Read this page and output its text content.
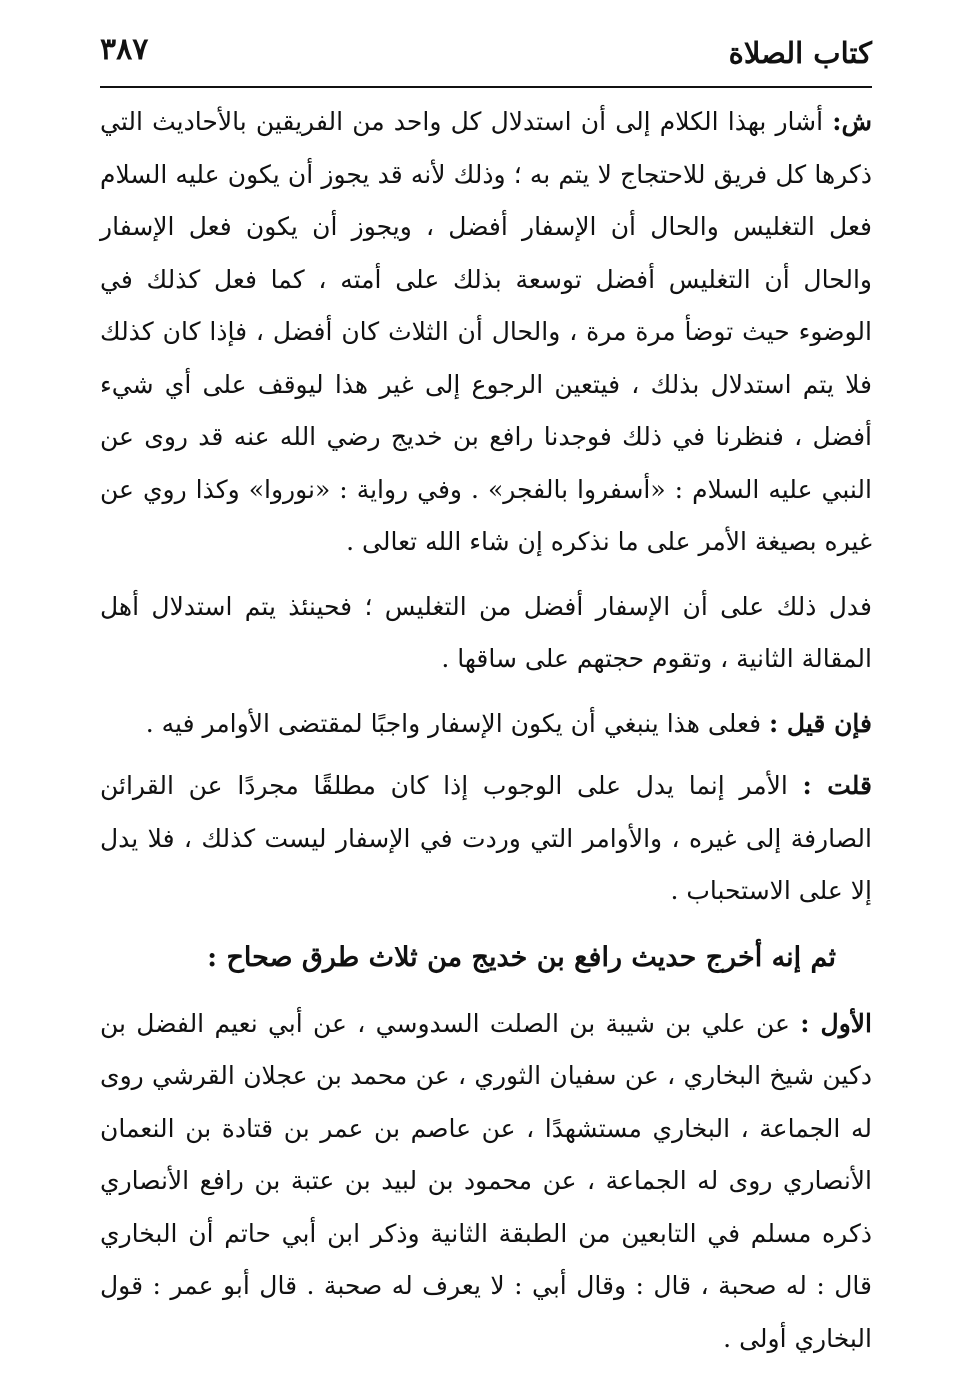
كتاب الصلاة
٣٨٧

ش: أشار بهذا الكلام إلى أن استدلال كل واحد من الفريقين بالأحاديث التي ذكرها كل فريق للاحتجاج لا يتم به ؛ وذلك لأنه قد يجوز أن يكون عليه السلام فعل التغليس والحال أن الإسفار أفضل ، ويجوز أن يكون فعل الإسفار والحال أن التغليس أفضل توسعة بذلك على أمته ، كما فعل كذلك في الوضوء حيث توضأ مرة مرة ، والحال أن الثلاث كان أفضل ، فإذا كان كذلك فلا يتم استدلال بذلك ، فيتعين الرجوع إلى غير هذا ليوقف على أي شيء أفضل ، فنظرنا في ذلك فوجدنا رافع بن خديج رضي الله عنه قد روى عن النبي عليه السلام : «أسفروا بالفجر» . وفي رواية : «نوروا» وكذا روي عن غيره بصيغة الأمر على ما نذكره إن شاء الله تعالى .

فدل ذلك على أن الإسفار أفضل من التغليس ؛ فحينئذ يتم استدلال أهل المقالة الثانية ، وتقوم حجتهم على ساقها .

فإن قيل : فعلى هذا ينبغي أن يكون الإسفار واجبًا لمقتضى الأوامر فيه .

قلت : الأمر إنما يدل على الوجوب إذا كان مطلقًا مجردًا عن القرائن الصارفة إلى غيره ، والأوامر التي وردت في الإسفار ليست كذلك ، فلا يدل إلا على الاستحباب .

ثم إنه أخرج حديث رافع بن خديج من ثلاث طرق صحاح :

الأول : عن علي بن شيبة بن الصلت السدوسي ، عن أبي نعيم الفضل بن دكين شيخ البخاري ، عن سفيان الثوري ، عن محمد بن عجلان القرشي روى له الجماعة ، البخاري مستشهدًا ، عن عاصم بن عمر بن قتادة بن النعمان الأنصاري روى له الجماعة ، عن محمود بن لبيد بن عتبة بن رافع الأنصاري ذكره مسلم في التابعين من الطبقة الثانية وذكر ابن أبي حاتم أن البخاري قال : له صحبة ، قال : وقال أبي : لا يعرف له صحبة . قال أبو عمر : قول البخاري أولى .
